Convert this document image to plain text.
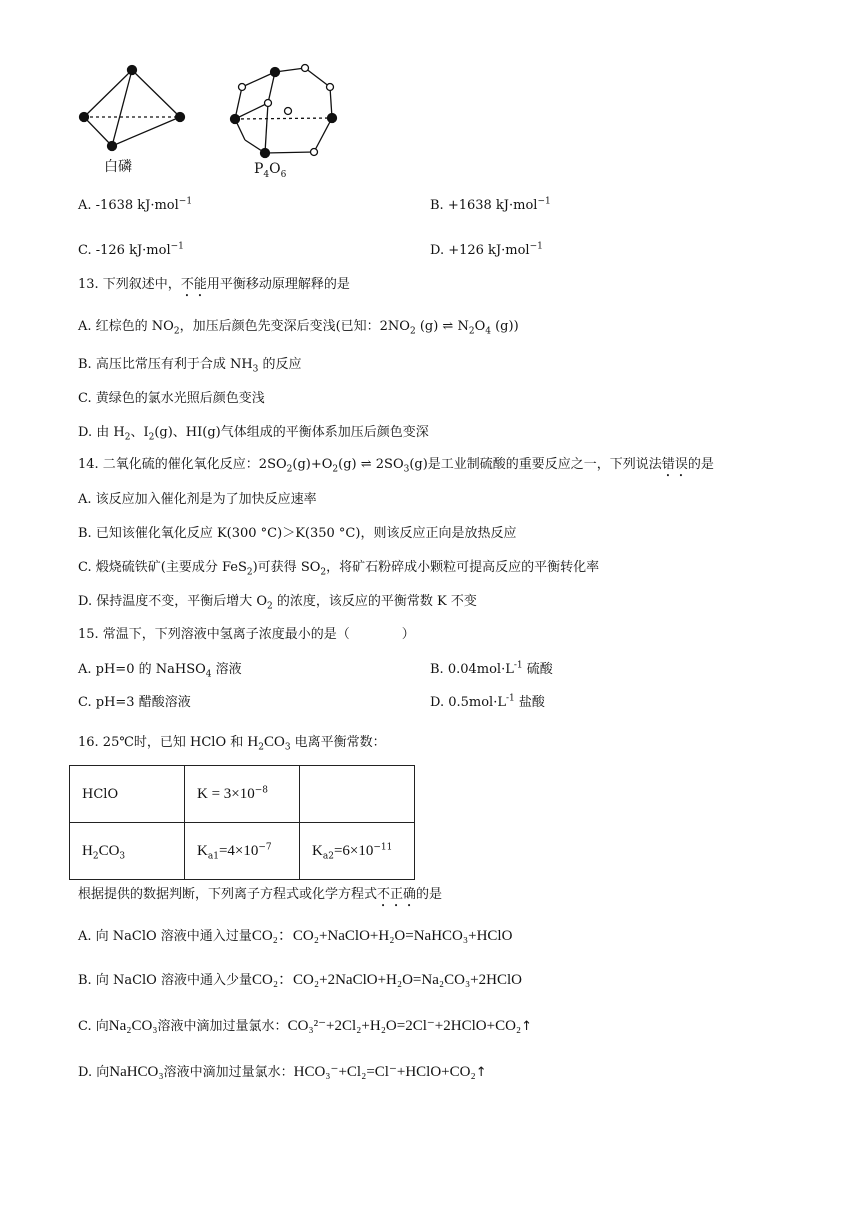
白磷	$P_4O_6$
A. -1638 kJ·mol$^{-1}$	B. +1638 kJ·mol$^{-1}$
C. -126 kJ·mol$^{-1}$	D. +126 kJ·mol$^{-1}$
13. 下列叙述中，不能用平衡移动原理解释的是
A. 红棕色的 $NO_2$，加压后颜色先变深后变浅(已知：$2NO_2$ (g) ⇌ $N_2O_4$ (g))
B. 高压比常压有利于合成 $NH_3$ 的反应
C. 黄绿色的氯水光照后颜色变浅
D. 由 $H_2$、$I_2(g)$、HI(g)气体组成的平衡体系加压后颜色变深
14. 二氧化硫的催化氧化反应：$2SO_2(g)+O_2(g)$ ⇌ $2SO_3(g)$是工业制硫酸的重要反应之一，下列说法错误的是
A. 该反应加入催化剂是为了加快反应速率
B. 已知该催化氧化反应 K(300 °C)＞K(350 °C)，则该反应正向是放热反应
C. 煅烧硫铁矿(主要成分 FeS$_2$)可获得 $SO_2$，将矿石粉碎成小颗粒可提高反应的平衡转化率
D. 保持温度不变，平衡后增大 $O_2$ 的浓度，该反应的平衡常数 K 不变
15. 常温下，下列溶液中氢离子浓度最小的是（　　　　）
A. pH=0 的 NaHSO$_4$ 溶液	B. $0.04mol\cdot L^{-1}$ 硫酸
C. pH=3 醋酸溶液	D. $0.5mol\cdot L^{-1}$ 盐酸
16. 25℃时，已知 HClO 和 $H_2CO_3$ 电离平衡常数：
HClO	$K = 3\times 10^{-8}$	
$H_2CO_3$	$K_{a1}=4\times 10^{-7}$	$K_{a2}=6\times 10^{-11}$
根据提供的数据判断，下列离子方程式或化学方程式不正确的是
A. 向 NaClO 溶液中通入过量CO₂：CO₂+NaClO+H₂O=NaHCO₃+HClO
B. 向 NaClO 溶液中通入少量CO₂：CO₂+2NaClO+H₂O=Na₂CO₃+2HClO
C. 向Na₂CO₃溶液中滴加过量氯水：CO₃²⁻+2Cl₂+H₂O=2Cl⁻+2HClO+CO₂↑
D. 向NaHCO₃溶液中滴加过量氯水：HCO₃⁻+Cl₂=Cl⁻+HClO+CO₂↑
